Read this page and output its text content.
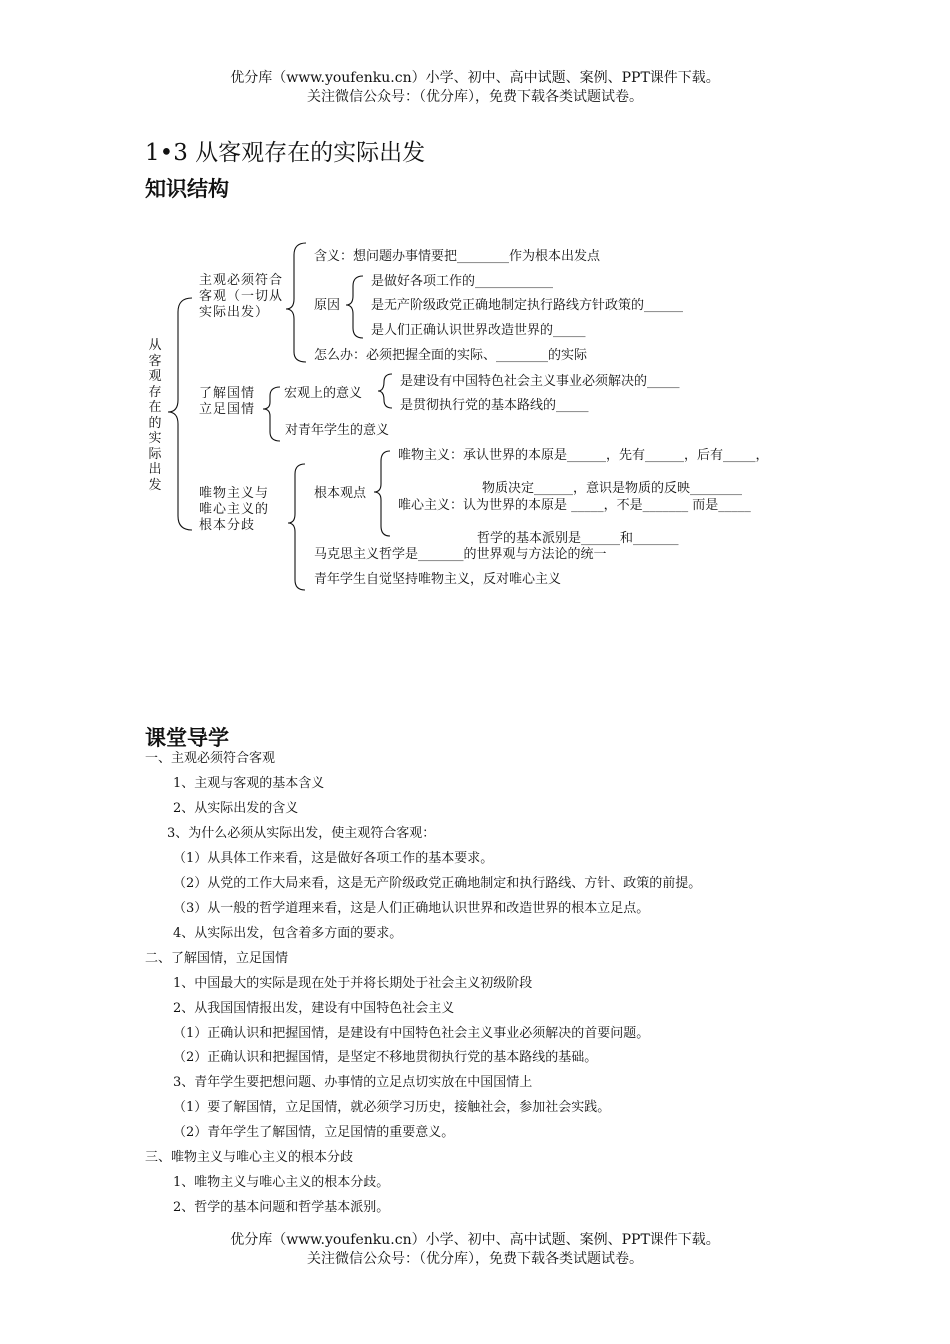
优分库（www.youfenku.cn）小学、初中、高中试题、案例、PPT课件下载。
关注微信公众号：（优分库），免费下载各类试题试卷。
1•3 从客观存在的实际出发
知识结构
从客观存在的实际出发
主观必须符合客观（一切从实际出发）
含义：想问题办事情要把________作为根本出发点
原因
是做好各项工作的____________
是无产阶级政党正确地制定执行路线方针政策的______
是人们正确认识世界改造世界的_____
怎么办：必须把握全面的实际、________的实际
了解国情立足国情
宏观上的意义
是建设有中国特色社会主义事业必须解决的_____
是贯彻执行党的基本路线的_____
对青年学生的意义
唯物主义与唯心主义的根本分歧
根本观点
唯物主义：承认世界的本原是______，先有______，后有_____，
物质决定______，意识是物质的反映________
唯心主义：认为世界的本原是 _____，不是_______ 而是_____
哲学的基本派别是______和_______
马克思主义哲学是_______的世界观与方法论的统一
青年学生自觉坚持唯物主义，反对唯心主义
课堂导学
一、主观必须符合客观
1、主观与客观的基本含义
2、从实际出发的含义
3、为什么必须从实际出发，使主观符合客观：
（1）从具体工作来看，这是做好各项工作的基本要求。
（2）从党的工作大局来看，这是无产阶级政党正确地制定和执行路线、方针、政策的前提。
（3）从一般的哲学道理来看，这是人们正确地认识世界和改造世界的根本立足点。
4、从实际出发，包含着多方面的要求。
二、了解国情，立足国情
1、中国最大的实际是现在处于并将长期处于社会主义初级阶段
2、从我国国情报出发，建设有中国特色社会主义
（1）正确认识和把握国情，是建设有中国特色社会主义事业必须解决的首要问题。
（2）正确认识和把握国情，是坚定不移地贯彻执行党的基本路线的基础。
3、青年学生要把想问题、办事情的立足点切实放在中国国情上
（1）要了解国情，立足国情，就必须学习历史，接触社会，参加社会实践。
（2）青年学生了解国情，立足国情的重要意义。
三、唯物主义与唯心主义的根本分歧
1、唯物主义与唯心主义的根本分歧。
2、哲学的基本问题和哲学基本派别。
优分库（www.youfenku.cn）小学、初中、高中试题、案例、PPT课件下载。
关注微信公众号：（优分库），免费下载各类试题试卷。
